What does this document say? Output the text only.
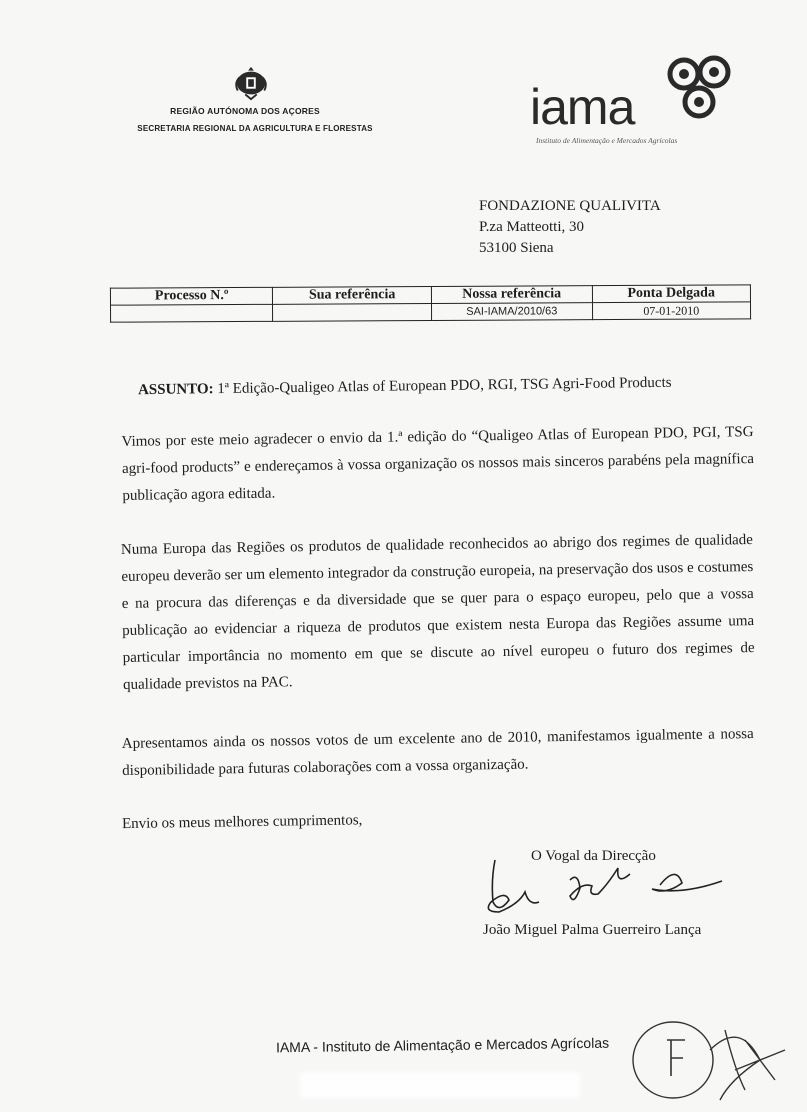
REGIÃO AUTÓNOMA DOS AÇORES
SECRETARIA REGIONAL DA AGRICULTURA E FLORESTAS	iama
Instituto de Alimentação e Mercados Agrícolas
FONDAZIONE QUALIVITA
P.za Matteotti, 30
53100 Siena
Processo N.º	Sua referência	Nossa referência	Ponta Delgada
		SAI-IAMA/2010/63	07-01-2010
ASSUNTO: 1ª Edição-Qualigeo Atlas of European PDO, RGI, TSG Agri-Food Products
Vimos por este meio agradecer o envio da 1.ª edição do “Qualigeo Atlas of European PDO, PGI, TSG agri-food products” e endereçamos à vossa organização os nossos mais sinceros parabéns pela magnífica publicação agora editada.
Numa Europa das Regiões os produtos de qualidade reconhecidos ao abrigo dos regimes de qualidade europeu deverão ser um elemento integrador da construção europeia, na preservação dos usos e costumes e na procura das diferenças e da diversidade que se quer para o espaço europeu, pelo que a vossa publicação ao evidenciar a riqueza de produtos que existem nesta Europa das Regiões assume uma particular importância no momento em que se discute ao nível europeu o futuro dos regimes de qualidade previstos na PAC.
Apresentamos ainda os nossos votos de um excelente ano de 2010, manifestamos igualmente a nossa disponibilidade para futuras colaborações com a vossa organização.
Envio os meus melhores cumprimentos,
O Vogal da Direcção
João Miguel Palma Guerreiro Lança
IAMA - Instituto de Alimentação e Mercados Agrícolas
